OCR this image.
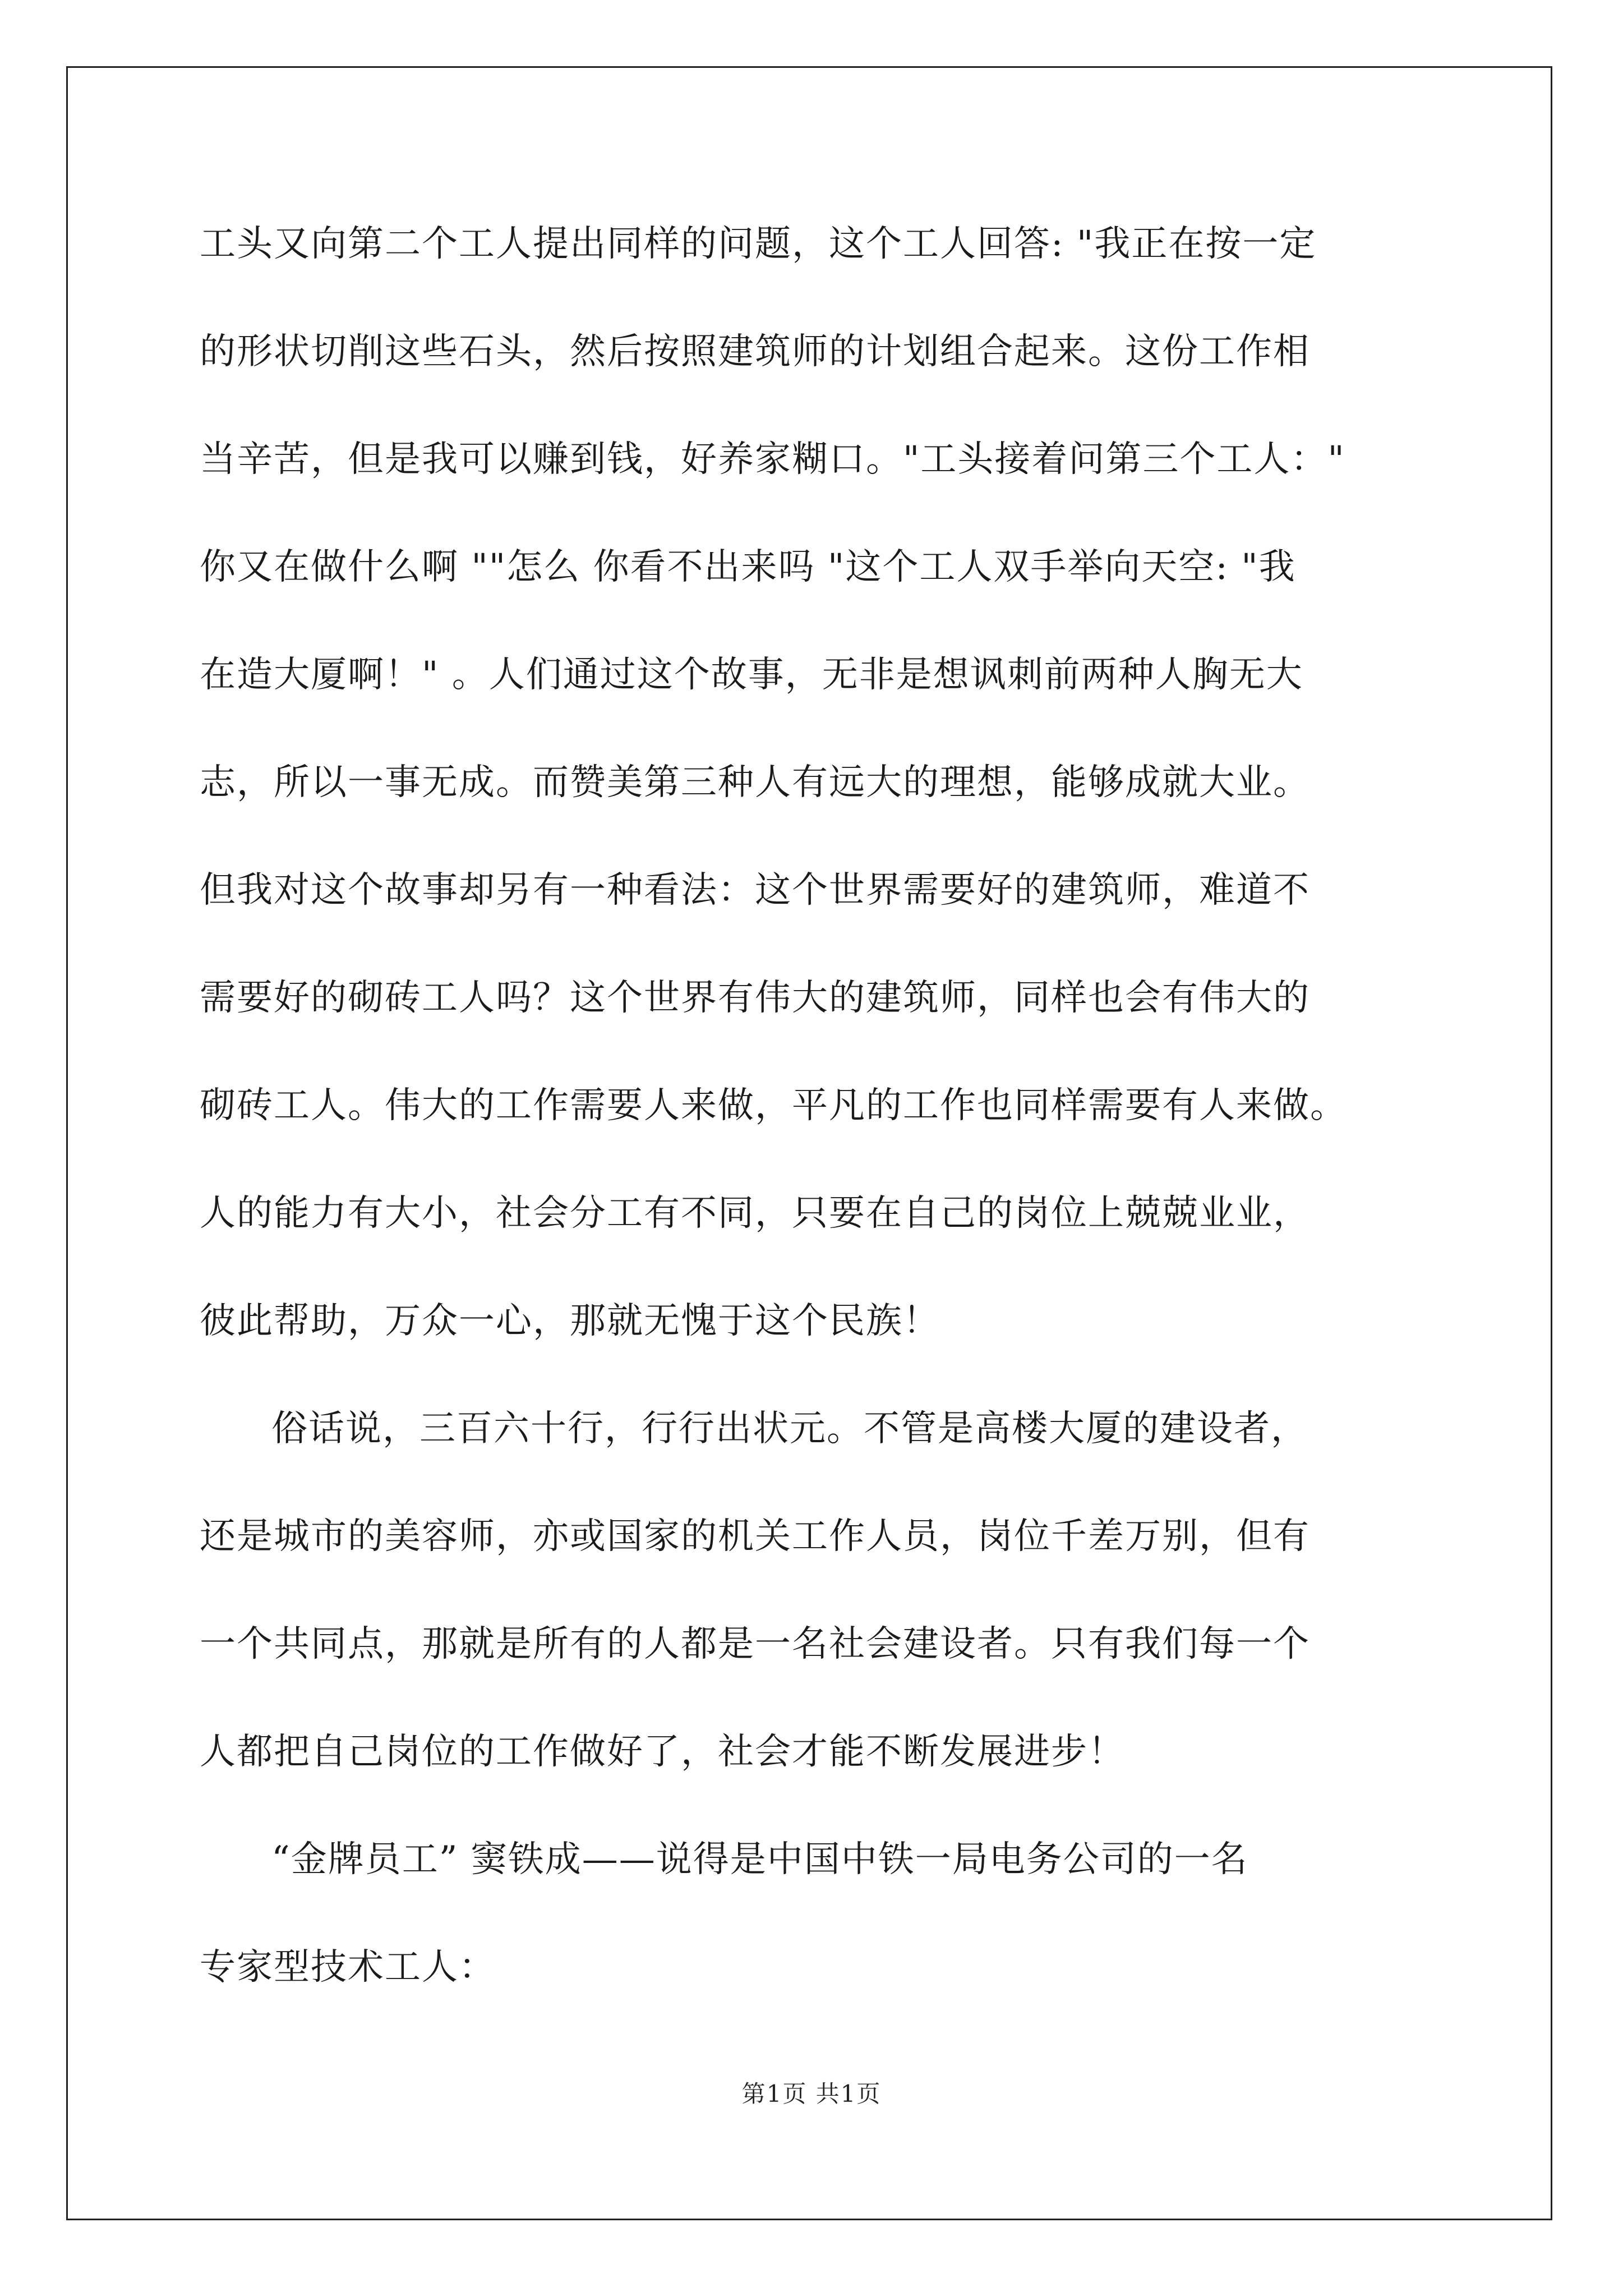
工头又向第二个工人提出同样的问题，这个工人回答: "我正在按一定
的形状切削这些石头，然后按照建筑师的计划组合起来。这份工作相
当辛苦，但是我可以赚到钱，好养家糊口。"工头接着问第三个工人："
你又在做什么啊 ""怎么 你看不出来吗 "这个工人双手举向天空: "我
在造大厦啊！" 。人们通过这个故事，无非是想讽刺前两种人胸无大
志，所以一事无成。而赞美第三种人有远大的理想，能够成就大业。
但我对这个故事却另有一种看法：这个世界需要好的建筑师，难道不
需要好的砌砖工人吗？这个世界有伟大的建筑师，同样也会有伟大的
砌砖工人。伟大的工作需要人来做，平凡的工作也同样需要有人来做。
人的能力有大小，社会分工有不同，只要在自己的岗位上兢兢业业，
彼此帮助，万众一心，那就无愧于这个民族！
俗话说，三百六十行，行行出状元。不管是高楼大厦的建设者，
还是城市的美容师，亦或国家的机关工作人员，岗位千差万别，但有
一个共同点，那就是所有的人都是一名社会建设者。只有我们每一个
人都把自己岗位的工作做好了，社会才能不断发展进步！
“金牌员工” 窦铁成——说得是中国中铁一局电务公司的一名
专家型技术工人：
第1页 共1页
